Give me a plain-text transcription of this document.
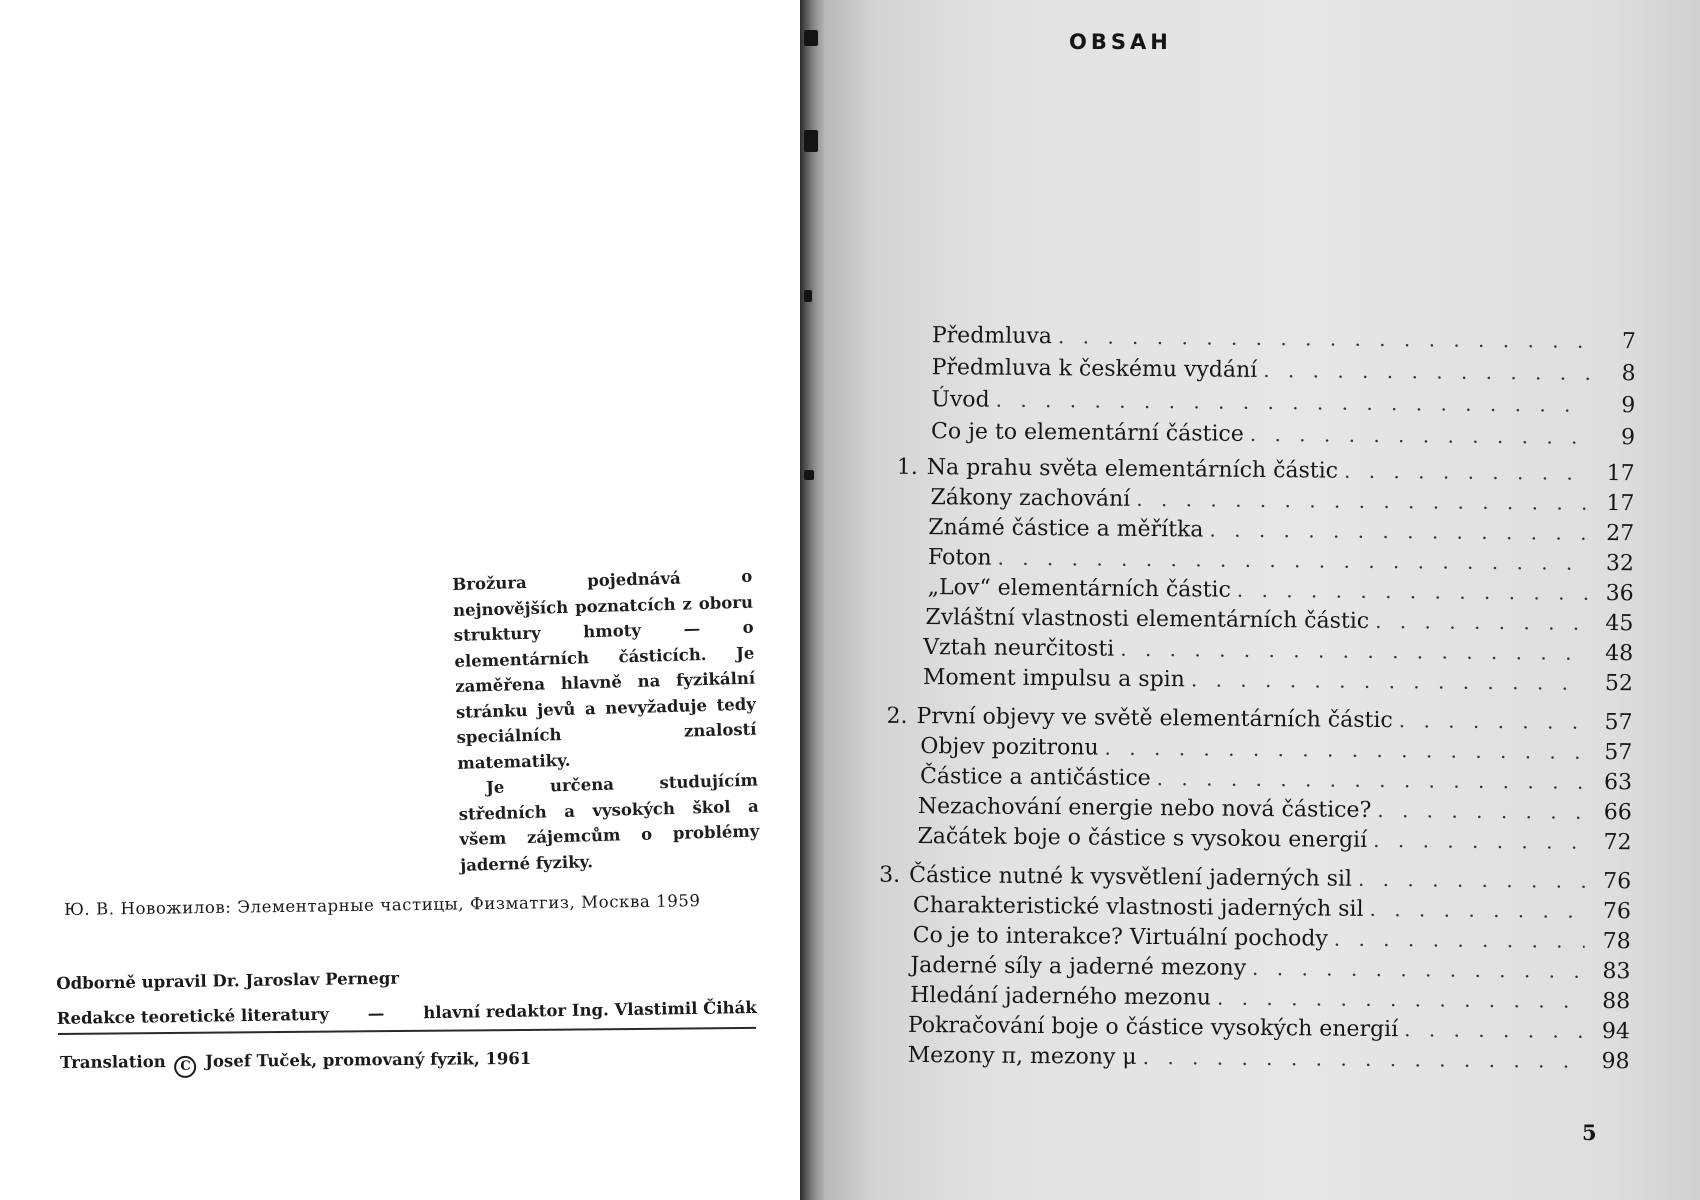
Brožura pojednává o nejnovějších poznatcích z oboru struktury hmoty — o elementárních částicích. Je zaměřena hlavně na fyzikální stránku jevů a nevyžaduje tedy speciálních znalostí matematiky.

Je určena studujícím středních a vysokých škol a všem zájemcům o problémy jaderné fyziky.

Ю. В. Новожилов: Элементарные частицы, Физматгиз, Москва 1959
Odborně upravil Dr. Jaroslav Pernegr
Redakce teoretické literatury — hlavní redaktor Ing. Vlastimil Čihák
Translation C Josef Tuček, promovaný fyzik, 1961
OBSAH
Předmluva . . .	7
Předmluva k českému vydání . . .	8
Úvod . . .	9
Co je to elementární částice . . .	9
1. Na prahu světa elementárních částic . . .	17
Zákony zachování . . .	17
Známé částice a měřítka . . .	27
Foton . . .	32
„Lov“ elementárních částic . . .	36
Zvláštní vlastnosti elementárních částic . . .	45
Vztah neurčitosti . . .	48
Moment impulsu a spin . . .	52
2. První objevy ve světě elementárních částic . . .	57
Objev pozitronu . . .	57
Částice a antičástice . . .	63
Nezachování energie nebo nová částice? . . .	66
Začátek boje o částice s vysokou energií . . .	72
3. Částice nutné k vysvětlení jaderných sil . . .	76
Charakteristické vlastnosti jaderných sil . . .	76
Co je to interakce? Virtuální pochody . . .	78
Jaderné síly a jaderné mezony . . .	83
Hledání jaderného mezonu . . .	88
Pokračování boje o částice vysokých energií . . .	94
Mezony π, mezony μ . . .	98
5
